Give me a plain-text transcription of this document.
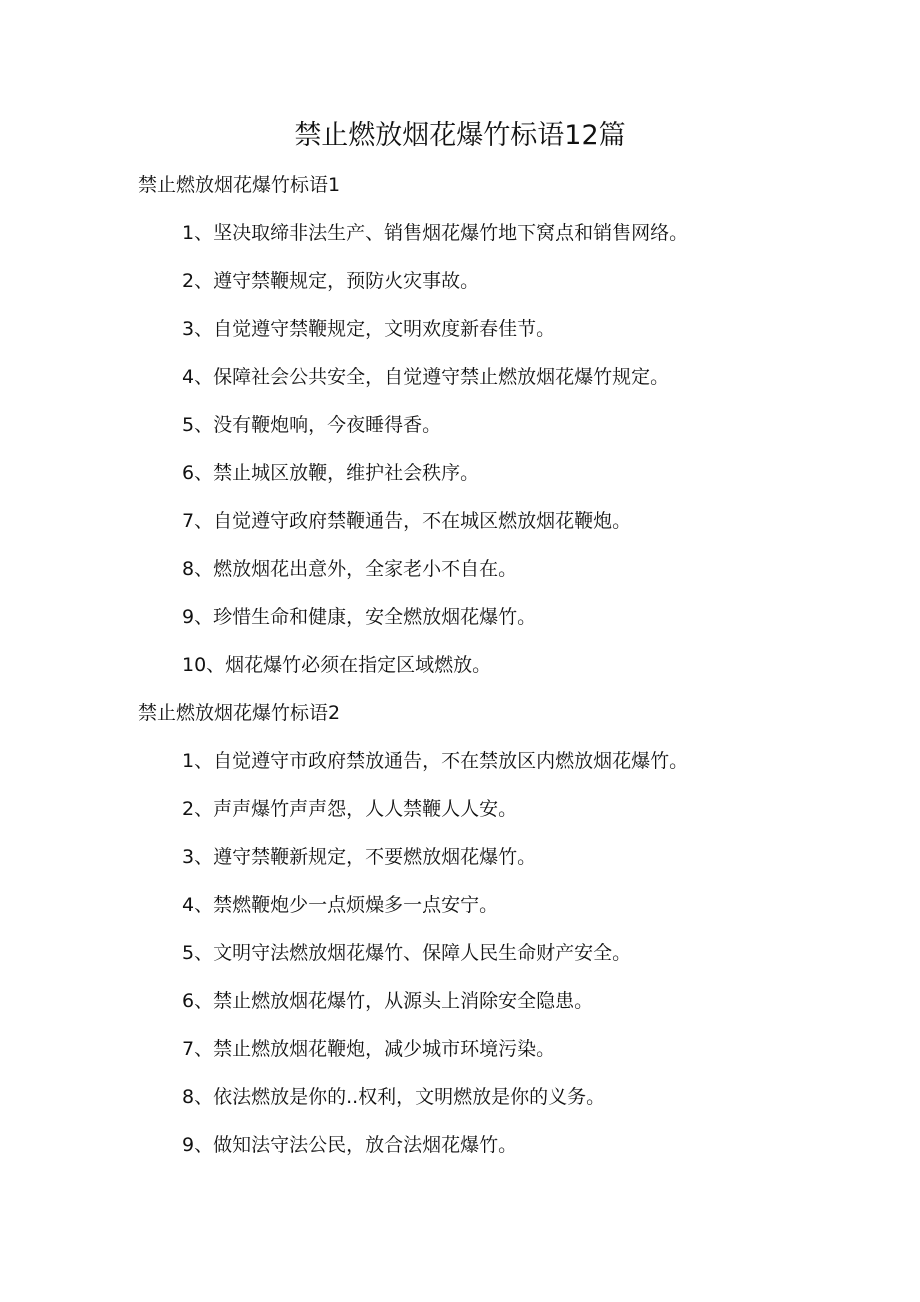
禁止燃放烟花爆竹标语12篇
禁止燃放烟花爆竹标语1
1、坚决取缔非法生产、销售烟花爆竹地下窝点和销售网络。
2、遵守禁鞭规定，预防火灾事故。
3、自觉遵守禁鞭规定，文明欢度新春佳节。
4、保障社会公共安全，自觉遵守禁止燃放烟花爆竹规定。
5、没有鞭炮响，今夜睡得香。
6、禁止城区放鞭，维护社会秩序。
7、自觉遵守政府禁鞭通告，不在城区燃放烟花鞭炮。
8、燃放烟花出意外，全家老小不自在。
9、珍惜生命和健康，安全燃放烟花爆竹。
10、烟花爆竹必须在指定区域燃放。
禁止燃放烟花爆竹标语2
1、自觉遵守市政府禁放通告，不在禁放区内燃放烟花爆竹。
2、声声爆竹声声怨，人人禁鞭人人安。
3、遵守禁鞭新规定，不要燃放烟花爆竹。
4、禁燃鞭炮少一点烦燥多一点安宁。
5、文明守法燃放烟花爆竹、保障人民生命财产安全。
6、禁止燃放烟花爆竹，从源头上消除安全隐患。
7、禁止燃放烟花鞭炮，减少城市环境污染。
8、依法燃放是你的..权利，文明燃放是你的义务。
9、做知法守法公民，放合法烟花爆竹。
